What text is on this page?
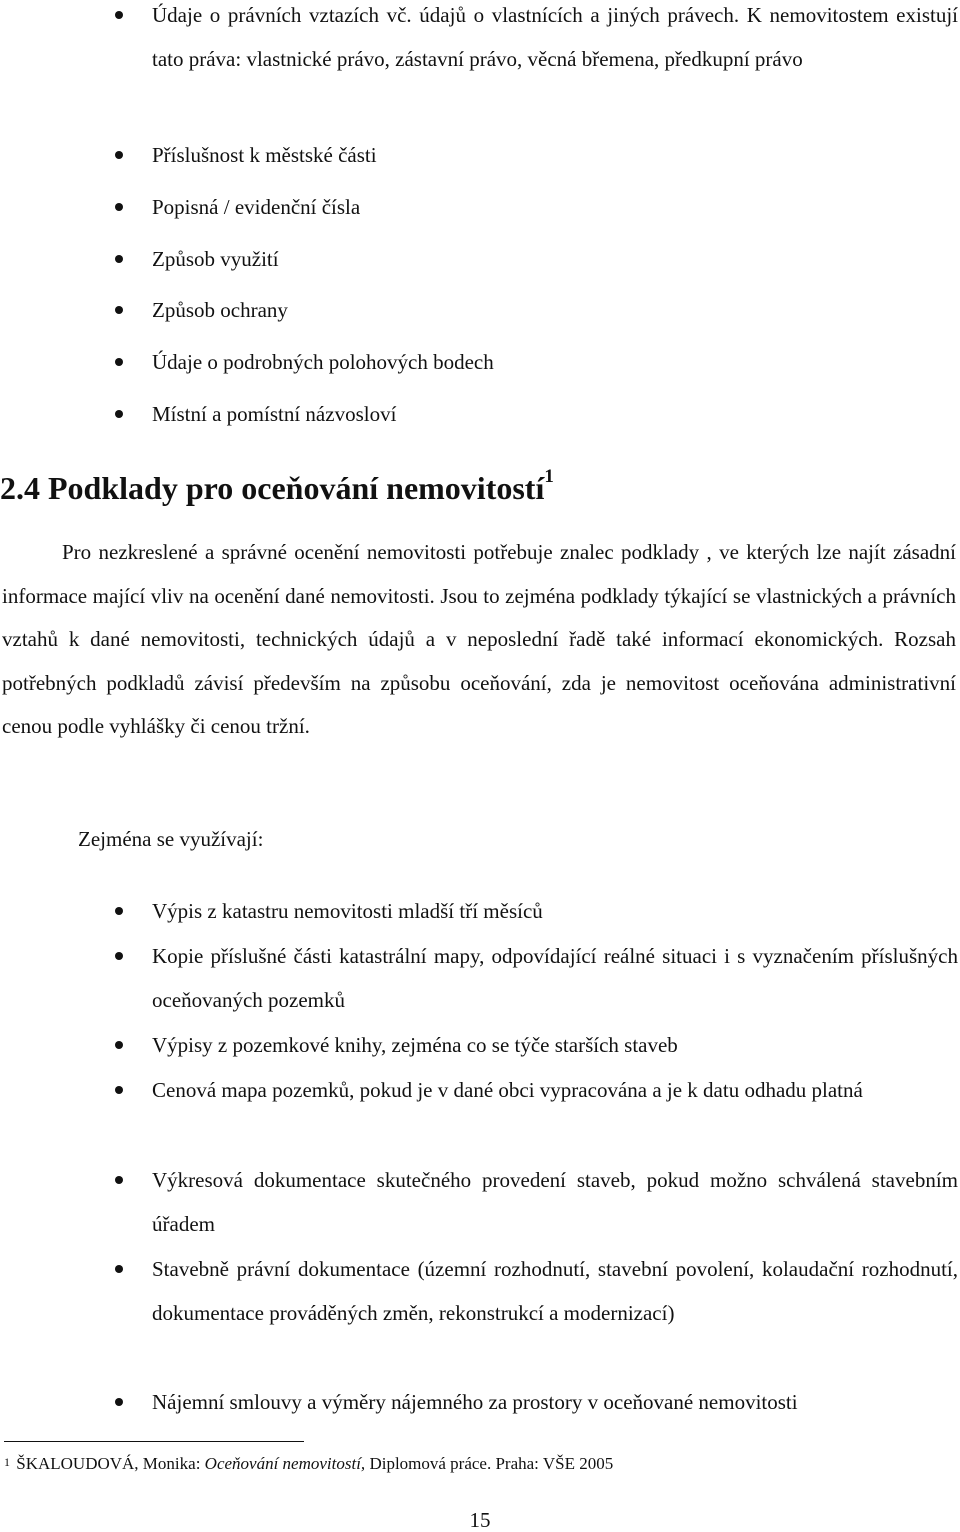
Údaje o právních vztazích vč. údajů o vlastnících a jiných právech. K nemovitostem existují tato práva: vlastnické právo, zástavní právo, věcná břemena, předkupní právo
Příslušnost k městské části
Popisná / evidenční čísla
Způsob využití
Způsob ochrany
Údaje o podrobných polohových bodech
Místní a pomístní názvosloví
2.4 Podklady pro oceňování nemovitostí$^1$

Pro nezkreslené a správné ocenění nemovitosti potřebuje znalec podklady , ve kterých lze najít zásadní informace mající vliv na ocenění dané nemovitosti. Jsou to zejména podklady týkající se vlastnických a právních vztahů k dané nemovitosti, technických údajů a v neposlední řadě také informací ekonomických. Rozsah potřebných podkladů závisí především na způsobu oceňování, zda je nemovitost oceňována administrativní cenou podle vyhlášky či cenou tržní.

Zejména se využívají:

Výpis z katastru nemovitosti mladší tří měsíců
Kopie příslušné části katastrální mapy, odpovídající reálné situaci i s vyznačením příslušných oceňovaných pozemků
Výpisy z pozemkové knihy, zejména co se týče starších staveb
Cenová mapa pozemků, pokud je v dané obci vypracována a je k datu odhadu platná
Výkresová dokumentace skutečného provedení staveb, pokud možno schválená stavebním úřadem
Stavebně právní dokumentace (územní rozhodnutí, stavební povolení, kolaudační rozhodnutí, dokumentace prováděných změn, rekonstrukcí a modernizací)
Nájemní smlouvy a výměry nájemného za prostory v oceňované nemovitosti

$^1$ ŠKALOUDOVÁ, Monika: Oceňování nemovitostí, Diplomová práce. Praha: VŠE 2005

15
